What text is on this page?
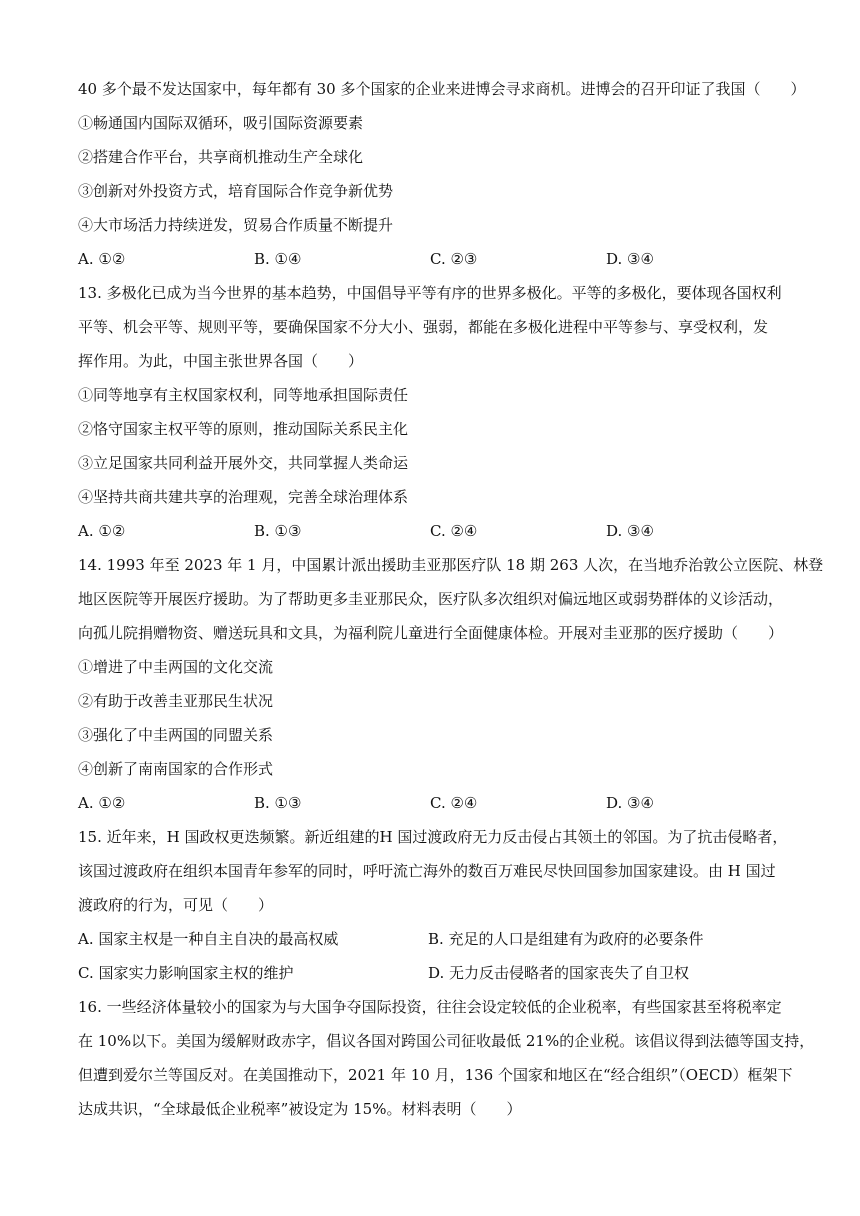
40 多个最不发达国家中，每年都有 30 多个国家的企业来进博会寻求商机。进博会的召开印证了我国（　　）
①畅通国内国际双循环，吸引国际资源要素
②搭建合作平台，共享商机推动生产全球化
③创新对外投资方式，培育国际合作竞争新优势
④大市场活力持续迸发，贸易合作质量不断提升
A. ①②	B. ①④	C. ②③	D. ③④
13. 多极化已成为当今世界的基本趋势，中国倡导平等有序的世界多极化。平等的多极化，要体现各国权利
平等、机会平等、规则平等，要确保国家不分大小、强弱，都能在多极化进程中平等参与、享受权利，发
挥作用。为此，中国主张世界各国（　　）
①同等地享有主权国家权利，同等地承担国际责任
②恪守国家主权平等的原则，推动国际关系民主化
③立足国家共同利益开展外交，共同掌握人类命运
④坚持共商共建共享的治理观，完善全球治理体系
A. ①②	B. ①③	C. ②④	D. ③④
14. 1993 年至 2023 年 1 月，中国累计派出援助圭亚那医疗队 18 期 263 人次，在当地乔治敦公立医院、林登
地区医院等开展医疗援助。为了帮助更多圭亚那民众，医疗队多次组织对偏远地区或弱势群体的义诊活动，
向孤儿院捐赠物资、赠送玩具和文具，为福利院儿童进行全面健康体检。开展对圭亚那的医疗援助（　　）
①增进了中圭两国的文化交流
②有助于改善圭亚那民生状况
③强化了中圭两国的同盟关系
④创新了南南国家的合作形式
A. ①②	B. ①③	C. ②④	D. ③④
15. 近年来，H 国政权更迭频繁。新近组建的H 国过渡政府无力反击侵占其领土的邻国。为了抗击侵略者，
该国过渡政府在组织本国青年参军的同时，呼吁流亡海外的数百万难民尽快回国参加国家建设。由 H 国过
渡政府的行为，可见（　　）
A. 国家主权是一种自主自决的最高权威	B. 充足的人口是组建有为政府的必要条件
C. 国家实力影响国家主权的维护	D. 无力反击侵略者的国家丧失了自卫权
16. 一些经济体量较小的国家为与大国争夺国际投资，往往会设定较低的企业税率，有些国家甚至将税率定
在 10%以下。美国为缓解财政赤字，倡议各国对跨国公司征收最低 21%的企业税。该倡议得到法德等国支持，
但遭到爱尔兰等国反对。在美国推动下，2021 年 10 月，136 个国家和地区在“经合组织”（OECD）框架下
达成共识，“全球最低企业税率”被设定为 15%。材料表明（　　）
